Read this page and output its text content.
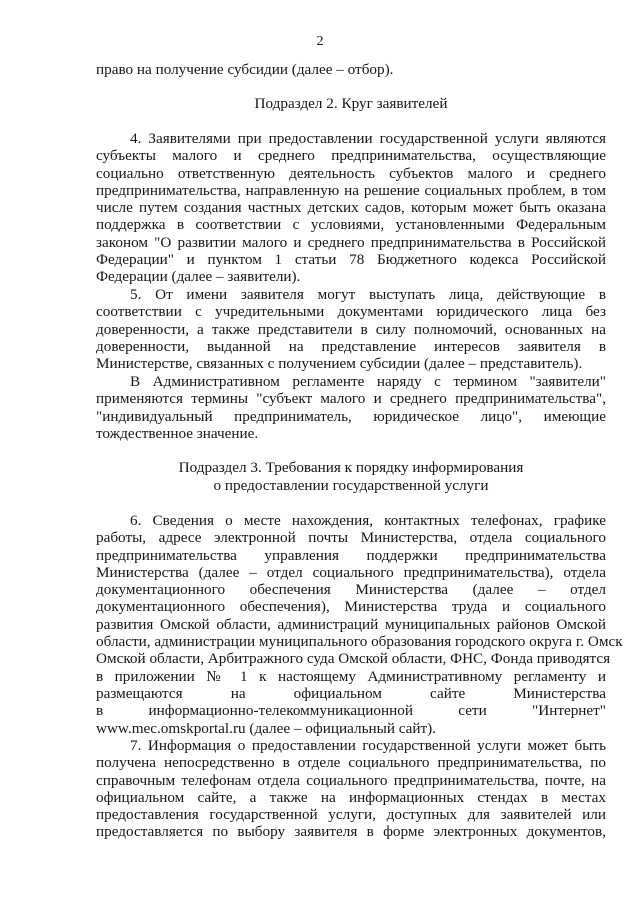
2
право на получение субсидии (далее – отбор).
Подраздел 2. Круг заявителей
4. Заявителями при предоставлении государственной услуги являются
субъекты малого и среднего предпринимательства, осуществляющие
социально ответственную деятельность субъектов малого и среднего
предпринимательства, направленную на решение социальных проблем, в том
числе путем создания частных детских садов, которым может быть оказана
поддержка в соответствии с условиями, установленными Федеральным
законом "О развитии малого и среднего предпринимательства в Российской
Федерации" и пунктом 1 статьи 78 Бюджетного кодекса Российской
Федерации (далее – заявители).
5. От имени заявителя могут выступать лица, действующие в
соответствии с учредительными документами юридического лица без
доверенности, а также представители в силу полномочий, основанных на
доверенности, выданной на представление интересов заявителя в
Министерстве, связанных с получением субсидии (далее – представитель).
В Административном регламенте наряду с термином "заявители"
применяются термины "субъект малого и среднего предпринимательства",
"индивидуальный предприниматель, юридическое лицо", имеющие
тождественное значение.
Подраздел 3. Требования к порядку информирования
о предоставлении государственной услуги
6. Сведения о месте нахождения, контактных телефонах, графике
работы, адресе электронной почты Министерства, отдела социального
предпринимательства управления поддержки предпринимательства
Министерства (далее – отдел социального предпринимательства), отдела
документационного обеспечения Министерства (далее – отдел
документационного обеспечения), Министерства труда и социального
развития Омской области, администраций муниципальных районов Омской
области, администрации муниципального образования городского округа г. Омск
Омской области, Арбитражного суда Омской области, ФНС, Фонда приводятся
в приложении № 1 к настоящему Административному регламенту и
размещаются на официальном сайте Министерства
в информационно-телекоммуникационной сети "Интернет"
www.mec.omskportal.ru (далее – официальный сайт).
7. Информация о предоставлении государственной услуги может быть
получена непосредственно в отделе социального предпринимательства, по
справочным телефонам отдела социального предпринимательства, почте, на
официальном сайте, а также на информационных стендах в местах
предоставления государственной услуги, доступных для заявителей или
предоставляется по выбору заявителя в форме электронных документов,
